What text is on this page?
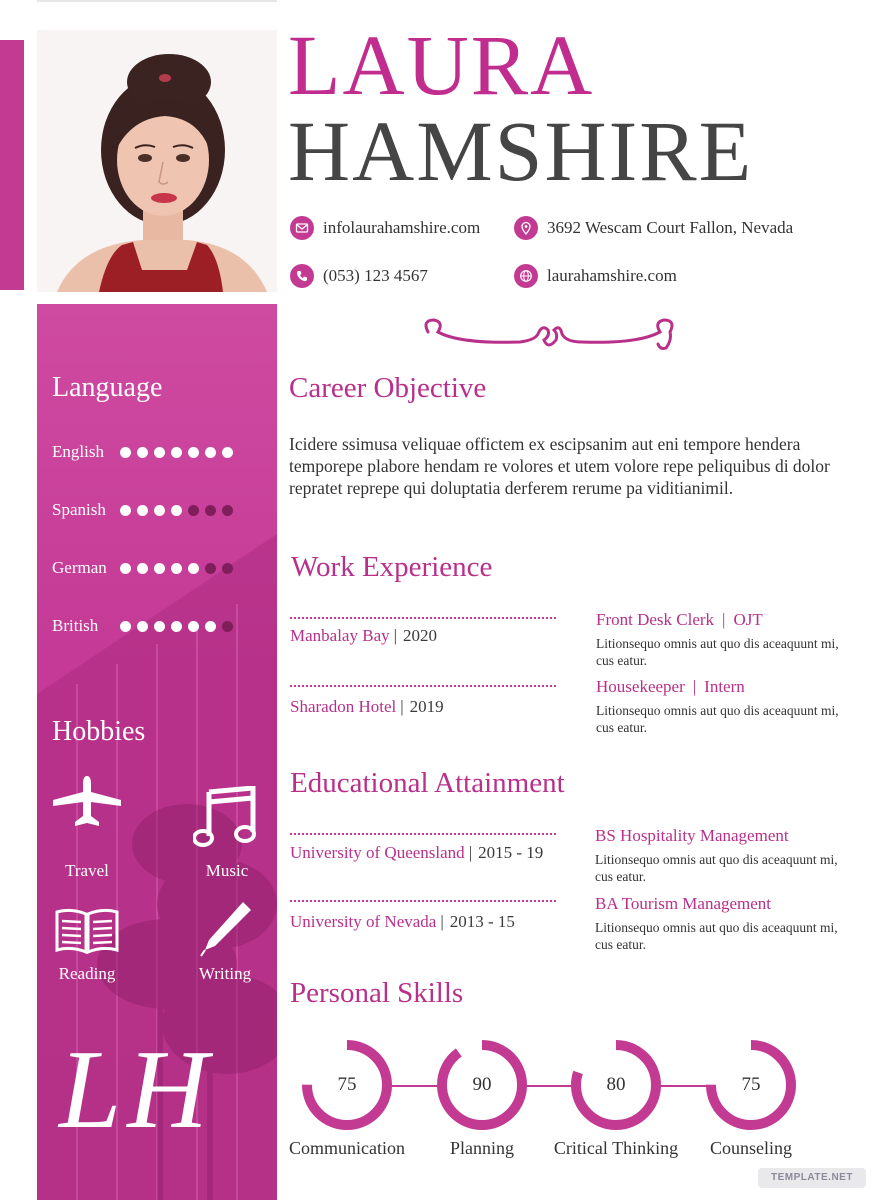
LAURA
HAMSHIRE
infolaurahamshire.com	3692 Wescam Court Fallon, Nevada
(053) 123 4567	laurahamshire.com
Language
English
Spanish
German
British
Hobbies
Travel	Music
Reading	Writing
LH
Career Objective
Icidere ssimusa veliquae offictem ex escipsanim aut eni tempore hendera temporepe plabore hendam re volores et utem volore repe peliquibus di dolor repratet reprepe qui doluptatia derferem rerume pa viditianimil.
Work Experience
Manbalay Bay | 2020
Front Desk Clerk | OJT
Litionsequo omnis aut quo dis aceaquunt mi, cus eatur.
Sharadon Hotel | 2019
Housekeeper | Intern
Litionsequo omnis aut quo dis aceaquunt mi, cus eatur.
Educational Attainment
University of Queensland | 2015 - 19
BS Hospitality Management
Litionsequo omnis aut quo dis aceaquunt mi, cus eatur.
University of Nevada | 2013 - 15
BA Tourism Management
Litionsequo omnis aut quo dis aceaquunt mi, cus eatur.
Personal Skills
75
Communication
90
Planning
80
Critical Thinking
75
Counseling
TEMPLATE.NET
